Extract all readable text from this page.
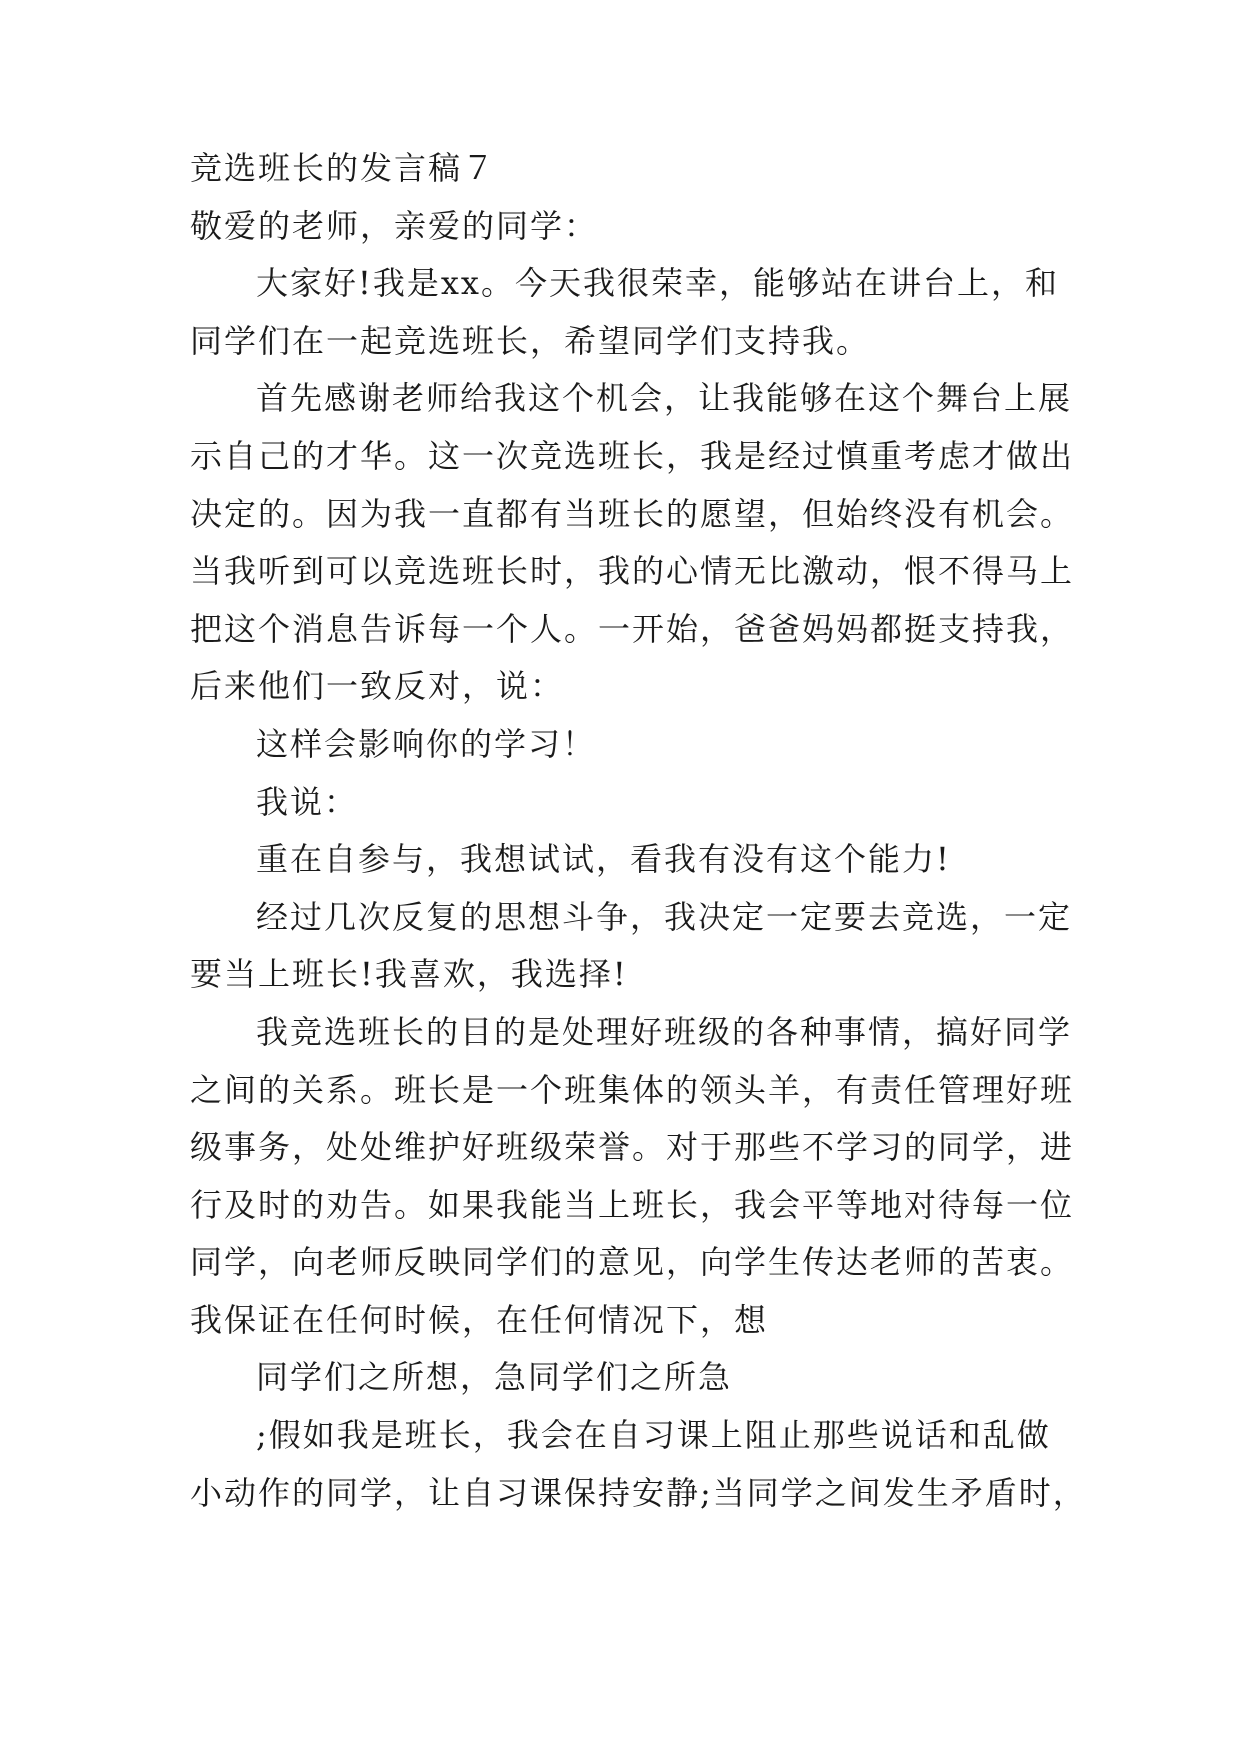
竞选班长的发言稿７
敬爱的老师，亲爱的同学：
大家好!我是xx。今天我很荣幸，能够站在讲台上，和
同学们在一起竞选班长，希望同学们支持我。
首先感谢老师给我这个机会，让我能够在这个舞台上展
示自己的才华。这一次竞选班长，我是经过慎重考虑才做出
决定的。因为我一直都有当班长的愿望，但始终没有机会。
当我听到可以竞选班长时，我的心情无比激动，恨不得马上
把这个消息告诉每一个人。一开始，爸爸妈妈都挺支持我，
后来他们一致反对，说：
这样会影响你的学习！
我说：
重在自参与，我想试试，看我有没有这个能力!
经过几次反复的思想斗争，我决定一定要去竞选，一定
要当上班长!我喜欢，我选择!
我竞选班长的目的是处理好班级的各种事情，搞好同学
之间的关系。班长是一个班集体的领头羊，有责任管理好班
级事务，处处维护好班级荣誉。对于那些不学习的同学，进
行及时的劝告。如果我能当上班长，我会平等地对待每一位
同学，向老师反映同学们的意见，向学生传达老师的苦衷。
我保证在任何时候，在任何情况下，想
同学们之所想，急同学们之所急
;假如我是班长，我会在自习课上阻止那些说话和乱做
小动作的同学，让自习课保持安静;当同学之间发生矛盾时，
